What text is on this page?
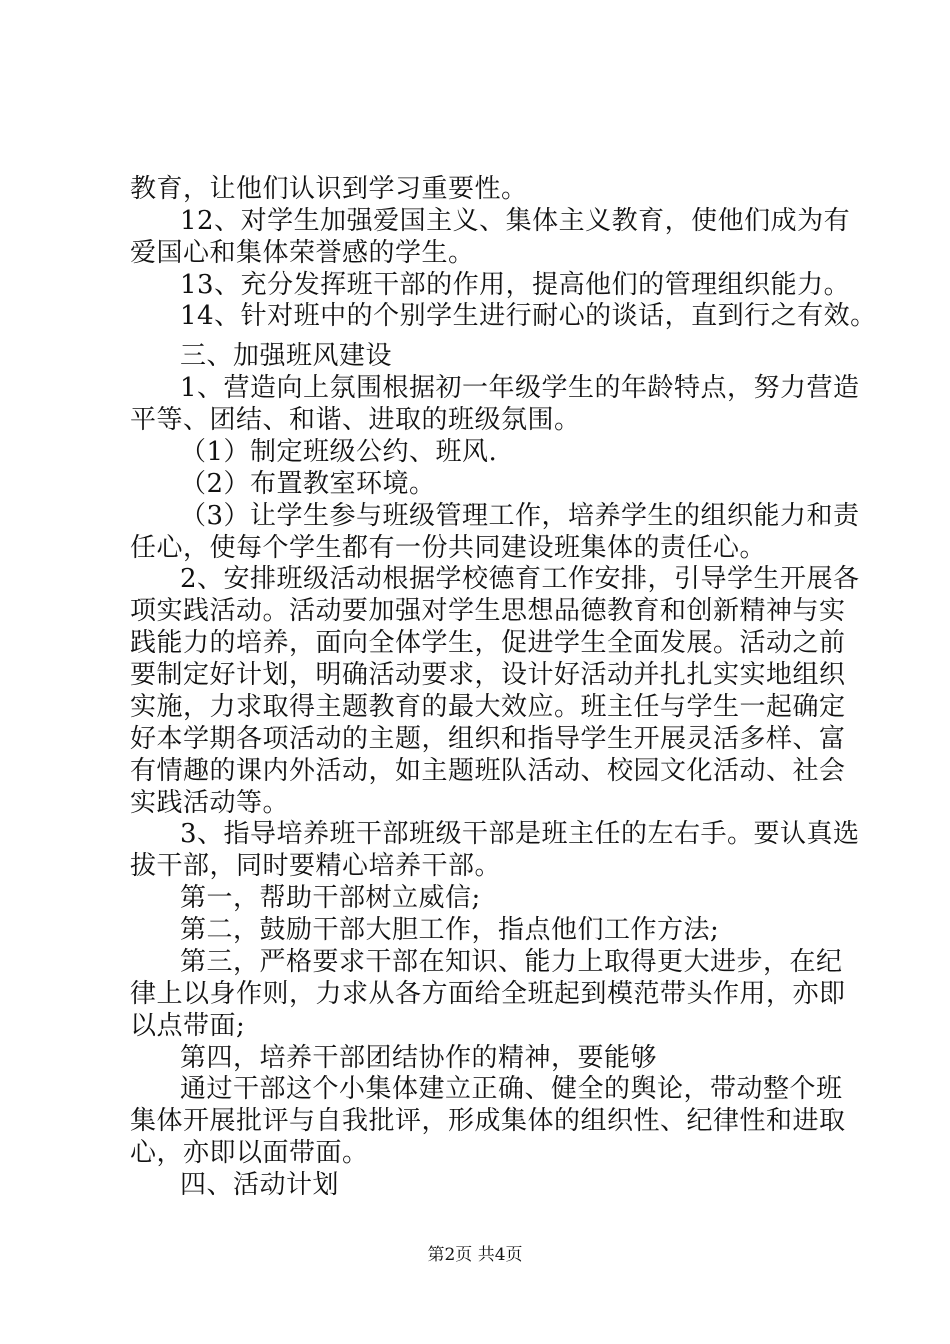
教育，让他们认识到学习重要性。
12、对学生加强爱国主义、集体主义教育，使他们成为有
爱国心和集体荣誉感的学生。
13、充分发挥班干部的作用，提高他们的管理组织能力。
14、针对班中的个别学生进行耐心的谈话，直到行之有效。
三、加强班风建设
1、营造向上氛围根据初一年级学生的年龄特点，努力营造
平等、团结、和谐、进取的班级氛围。
（1）制定班级公约、班风.
（2）布置教室环境。
（3）让学生参与班级管理工作，培养学生的组织能力和责
任心，使每个学生都有一份共同建设班集体的责任心。
2、安排班级活动根据学校德育工作安排，引导学生开展各
项实践活动。活动要加强对学生思想品德教育和创新精神与实
践能力的培养，面向全体学生，促进学生全面发展。活动之前
要制定好计划，明确活动要求，设计好活动并扎扎实实地组织
实施，力求取得主题教育的最大效应。班主任与学生一起确定
好本学期各项活动的主题，组织和指导学生开展灵活多样、富
有情趣的课内外活动，如主题班队活动、校园文化活动、社会
实践活动等。
3、指导培养班干部班级干部是班主任的左右手。要认真选
拔干部，同时要精心培养干部。
第一，帮助干部树立威信;
第二，鼓励干部大胆工作，指点他们工作方法;
第三，严格要求干部在知识、能力上取得更大进步，在纪
律上以身作则，力求从各方面给全班起到模范带头作用，亦即
以点带面;
第四，培养干部团结协作的精神，要能够
通过干部这个小集体建立正确、健全的舆论，带动整个班
集体开展批评与自我批评，形成集体的组织性、纪律性和进取
心，亦即以面带面。
四、活动计划
第2页 共4页
